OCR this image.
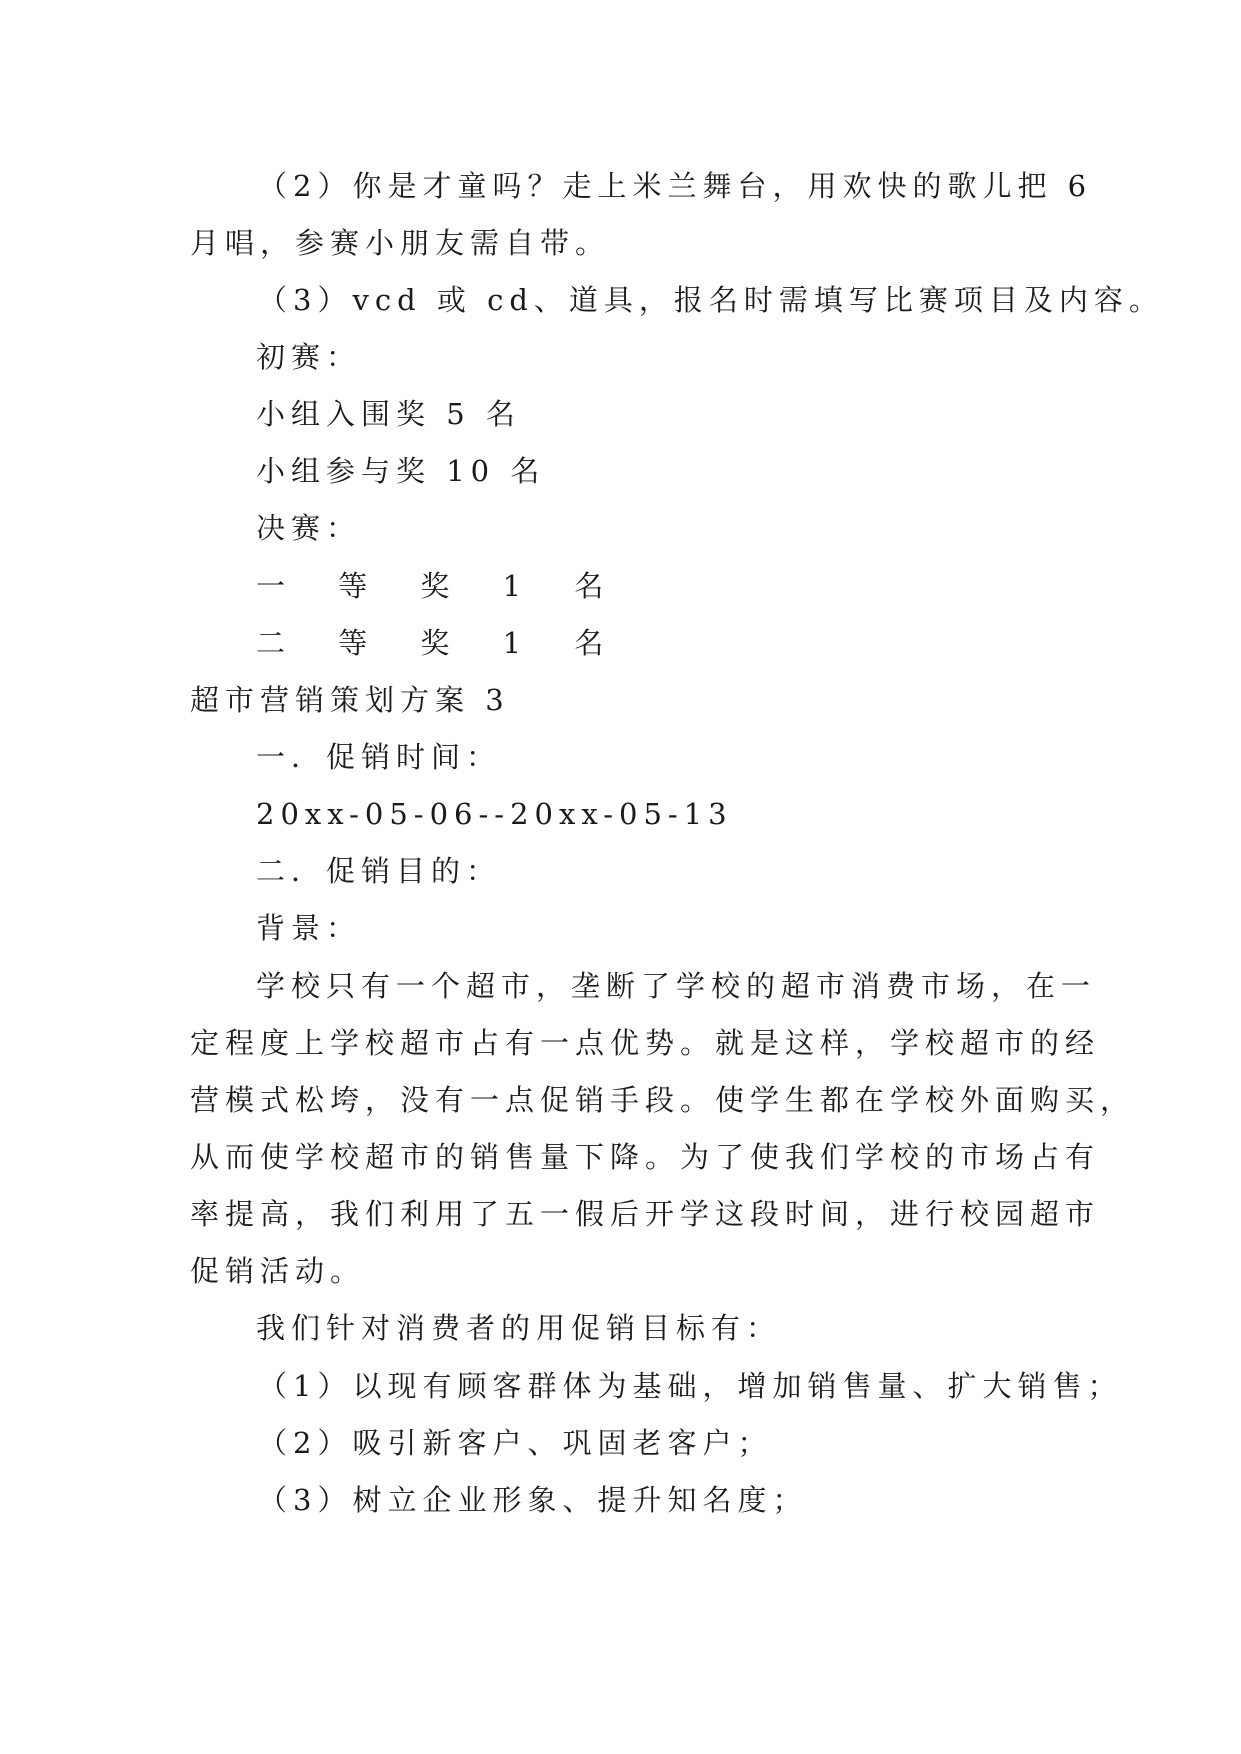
（2）你是才童吗？走上米兰舞台，用欢快的歌儿把 6
月唱，参赛小朋友需自带。
（3）vcd 或 cd、道具，报名时需填写比赛项目及内容。
初赛：
小组入围奖 5 名
小组参与奖 10 名
决赛：
一 等 奖 1 名
二 等 奖 1 名
超市营销策划方案 3
一．促销时间：
20xx-05-06--20xx-05-13
二．促销目的：
背景：
学校只有一个超市，垄断了学校的超市消费市场，在一
定程度上学校超市占有一点优势。就是这样，学校超市的经
营模式松垮，没有一点促销手段。使学生都在学校外面购买，
从而使学校超市的销售量下降。为了使我们学校的市场占有
率提高，我们利用了五一假后开学这段时间，进行校园超市
促销活动。
我们针对消费者的用促销目标有：
（1）以现有顾客群体为基础，增加销售量、扩大销售；
（2）吸引新客户、巩固老客户；
（3）树立企业形象、提升知名度；
